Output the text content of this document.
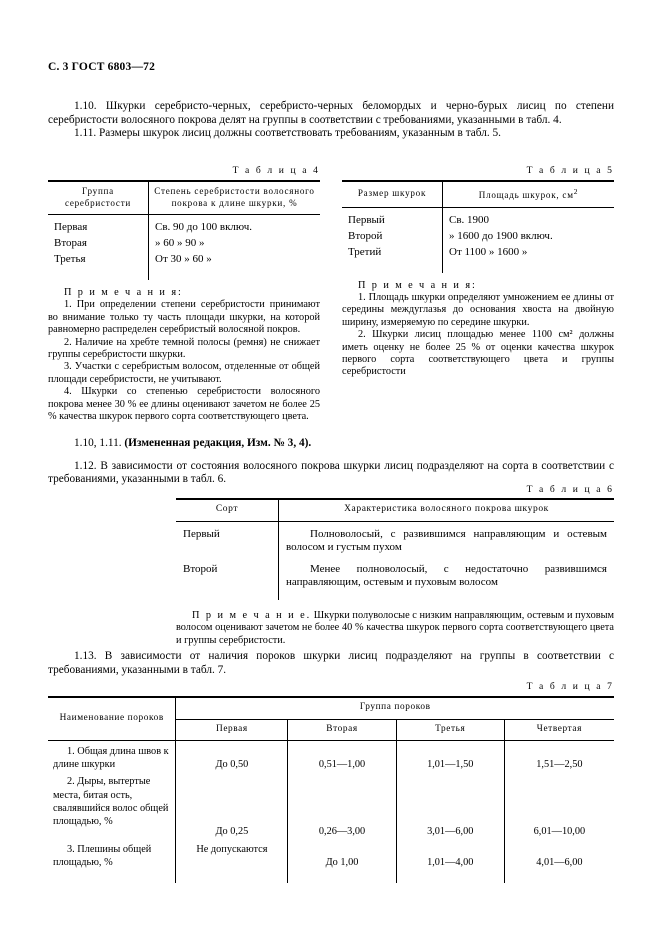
С. 3 ГОСТ 6803—72

1.10. Шкурки серебристо-черных, серебристо-черных беломордых и черно-бурых лисиц по степени серебристости волосяного покрова делят на группы в соответствии с требованиями, указанными в табл. 4.

1.11. Размеры шкурок лисиц должны соответствовать требованиям, указанным в табл. 5.

Т а б л и ц а 4	Т а б л и ц а 5
Группа серебристости	Степень серебристости волосяного покрова к длине шкурки, %
Первая	Св. 90 до 100 включ.
Вторая	» 60 » 90 »
Третья	От 30 » 60 »

П р и м е ч а н и я:

1. При определении степени серебристости принимают во внимание только ту часть площади шкурки, на которой равномерно распределен серебристый волосяной покров.

2. Наличие на хребте темной полосы (ремня) не снижает группы серебристости шкурки.

3. Участки с серебристым волосом, отделенные от общей площади серебристости, не учитывают.

4. Шкурки со степенью серебристости волосяного покрова менее 30 % ее длины оценивают зачетом не более 25 % качества шкурок первого сорта соответствующего цвета.

Размер шкурок	Площадь шкурок, $см^2$
Первый	Св. 1900
Второй	» 1600 до 1900 включ.
Третий	От 1100 » 1600 »

П р и м е ч а н и я:

1. Площадь шкурки определяют умножением ее длины от середины междуглазья до основания хвоста на двойную ширину, измеряемую по середине шкурки.

2. Шкурки лисиц площадью менее 1100 см² должны иметь оценку не более 25 % от оценки качества шкурок первого сорта соответствующего цвета и группы серебристости

1.10, 1.11. (Измененная редакция, Изм. № 3, 4).

1.12. В зависимости от состояния волосяного покрова шкурки лисиц подразделяют на сорта в соответствии с требованиями, указанными в табл. 6.

Т а б л и ц а 6
Сорт	Характеристика волосяного покрова шкурок
Первый	Полноволосый, с развившимся направляющим и остевым волосом и густым пухом
Второй	Менее полноволосый, с недостаточно развившимся направляющим, остевым и пуховым волосом

П р и м е ч а н и е. Шкурки полуволосые с низким направляющим, остевым и пуховым волосом оценивают зачетом не более 40 % качества шкурок первого сорта соответствующего цвета и группы серебристости.

1.13. В зависимости от наличия пороков шкурки лисиц подразделяют на группы в соответствии с требованиями, указанными в табл. 7.

Т а б л и ц а 7
Наименование пороков	Группа пороков			
	Первая	Вторая	Третья	Четвертая
1. Общая длина швов к длине шкурки	До 0,50	0,51—1,00	1,01—1,50	1,51—2,50
2. Дыры, вытертые места, битая ость, свалявшийся волос общей площадью, %	До 0,25	0,26—3,00	3,01—6,00	6,01—10,00
3. Плешины общей площадью, %	Не допускаются	До 1,00	1,01—4,00	4,01—6,00
